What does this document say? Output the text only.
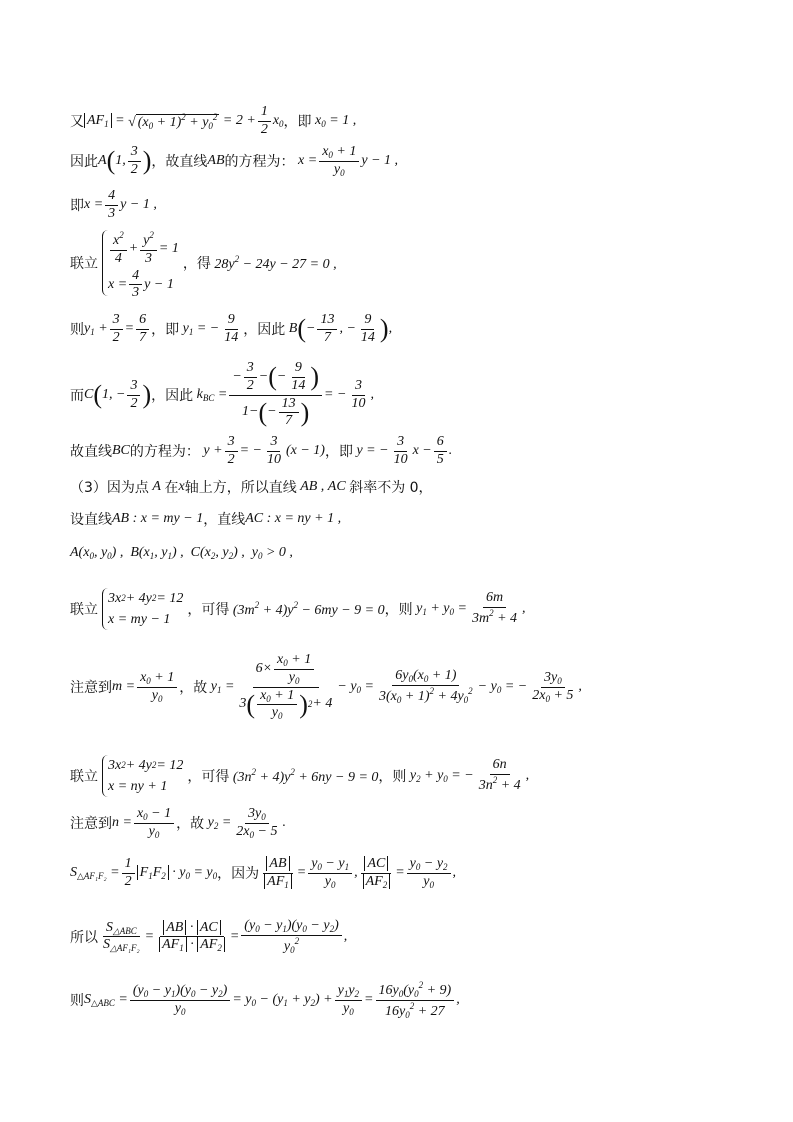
又 $AF_1$ = √ $(x_0 + 1)^2 + y_0^2 = 2 + \frac{1}{2} x_0$ ，即 $x_0 = 1$ ,
因此 A ( 1, $\frac{3}{2}$ ) ，故直线 AB 的方程为： $x = \frac{x_0 + 1}{y_0}$ y − 1 ,
即 $x = \frac{4}{3}$ y − 1 ,
联立 $\frac{x^2}{4} + \frac{y^2}{3} = 1$
$x = \frac{4}{3}$ y − 1
，得 $28y^2 - 24y - 27 = 0$ ,
则 $y_1 + \frac{3}{2} = \frac{6}{7}$ ，即 $y_1$ = − $\frac{9}{14}$ ，因此 B ( − $\frac{13}{7}$ , − $\frac{9}{14}$ ) ,
而 C ( 1, − $\frac{3}{2}$ ) ，因此 $k_{BC} = \frac{- \frac{3}{2} - ( - \frac{9}{14} )}{1- ( - \frac{13}{7} )}$ = − $\frac{3}{10}$ ,
故直线 BC 的方程为： $y + \frac{3}{2}$ = − $\frac{3}{10} (x - 1)$ ，即 y = − $\frac{3}{10}$ $x - \frac{6}{5}$ .
（3）因为点 A 在 x 轴上方，所以直线 AB , AC 斜率不为 0，
设直线 AB : x = my − 1 ，直线 AC : x = ny + 1 ,
$A(x_0$, $y_0$) ,  $B(x_1$, $y_1$) ,  $C(x_2$, $y_2$) ,  $y_0 > 0$ ,
联立
3x 2 + 4y 2 = 12
x = my − 1
，可得 $(3m^2 + 4)y^2 - 6my - 9 = 0$ ，则 $y_1 + y_0 = \frac{6m}{3m^2 + 4}$ ,
注意到 $m = \frac{x_0 + 1}{y_0}$ ，故 $y_1 = \frac{6\times \frac{x_0 + 1}{y_0}}{3 ( \frac{x_0 + 1}{y_0} ) 2 + 4} - y_0 = \frac{6y_0(x_0 + 1)}{3(x_0 + 1)^2 + 4y_0^2} - y_0$ = − $\frac{3y_0}{2x_0 + 5}$ ,
联立
3x 2 + 4y 2 = 12
x = ny + 1
，可得 $(3n^2 + 4)y^2 + 6ny - 9 = 0$ ，则 $y_2 + y_0$ = − $\frac{6n}{3n^2 + 4}$ ,
注意到 $n = \frac{x_0 - 1}{y_0}$ ，故 $y_2 = \frac{3y_0}{2x_0 - 5}$ .
$S_{\triangle AF_1F_2} = \frac{1}{2} F_1F_2 \cdot y_0 = y_0$ ，因为 $\frac{AB}{AF_1} = \frac{y_0 - y_1}{y_0}$ , $\frac{AC}{AF_2} = \frac{y_0 - y_2}{y_0}$ ,
所以 $\frac{S_{\triangle ABC}}{S_{\triangle AF_1F_2}} = \frac{AB \cdot AC}{AF_1 \cdot AF_2} = \frac{(y_0 - y_1)(y_0 - y_2)}{y_0^2}$ ,
则 $S_{\triangle ABC} = \frac{(y_0 - y_1)(y_0 - y_2)}{y_0} = y_0 - (y_1 + y_2) + \frac{y_1y_2}{y_0} = \frac{16y_0(y_0^2 + 9)}{16y_0^2 + 27}$ ,
